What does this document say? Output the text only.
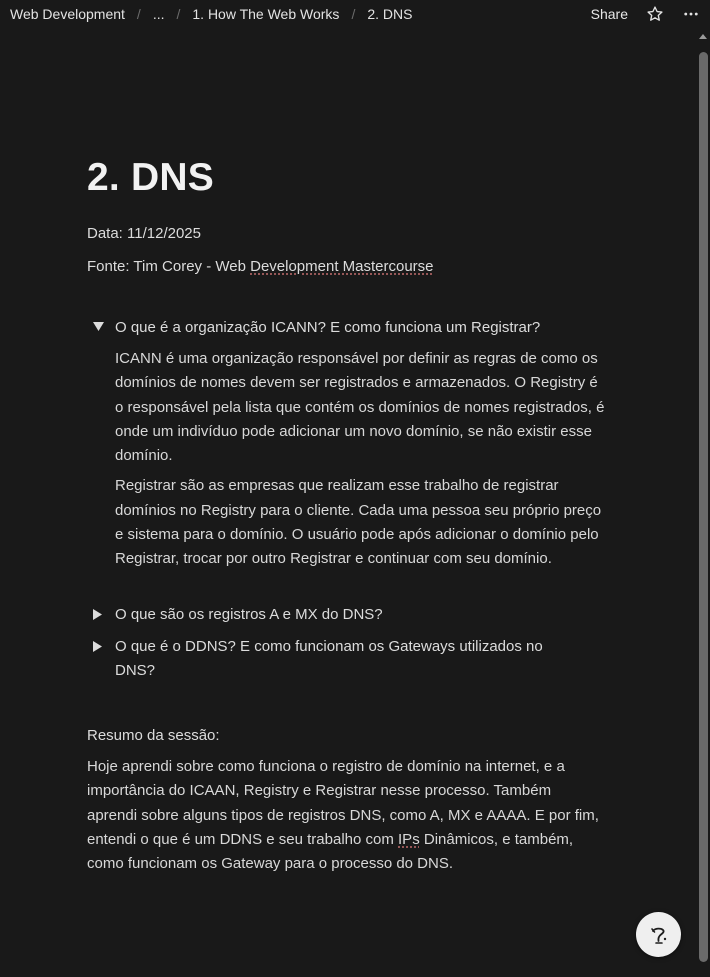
Web Development / ... / 1. How The Web Works / 2. DNS	Share
2. DNS
Data: 11/12/2025
Fonte: Tim Corey - Web Development Mastercourse
O que é a organização ICANN? E como funciona um Registrar?

ICANN é uma organização responsável por definir as regras de como os domínios de nomes devem ser registrados e armazenados. O Registry é o responsável pela lista que contém os domínios de nomes registrados, é onde um indivíduo pode adicionar um novo domínio, se não existir esse domínio.

Registrar são as empresas que realizam esse trabalho de registrar domínios no Registry para o cliente. Cada uma pessoa seu próprio preço e sistema para o domínio. O usuário pode após adicionar o domínio pelo Registrar, trocar por outro Registrar e continuar com seu domínio.

O que são os registros A e MX do DNS?
O que é o DDNS? E como funcionam os Gateways utilizados no DNS?
Resumo da sessão:
Hoje aprendi sobre como funciona o registro de domínio na internet, e a importância do ICAAN, Registry e Registrar nesse processo. Também aprendi sobre alguns tipos de registros DNS, como A, MX e AAAA. E por fim, entendi o que é um DDNS e seu trabalho com IPs Dinâmicos, e também, como funcionam os Gateway para o processo do DNS.
